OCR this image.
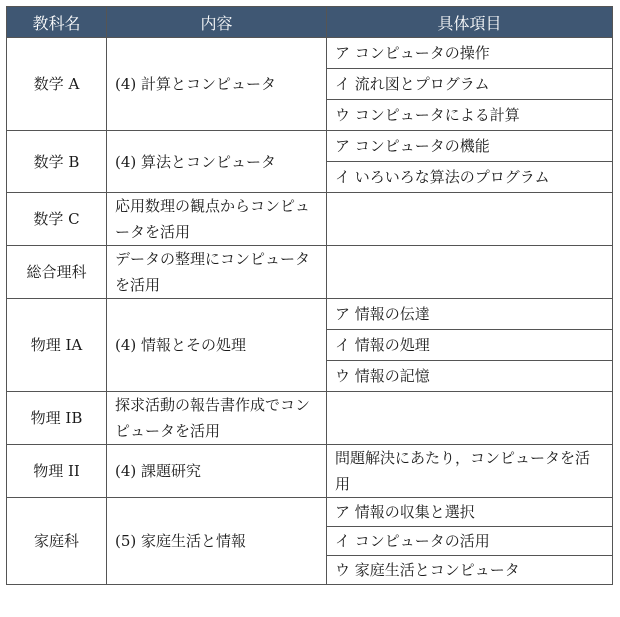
教科名	内容	具体項目
数学 A	(4) 計算とコンピュータ	ア コンピュータの操作
		イ 流れ図とプログラム
		ウ コンピュータによる計算
数学 B	(4) 算法とコンピュータ	ア コンピュータの機能
		イ いろいろな算法のプログラム
数学 C	応用数理の観点からコンピュータを活用	

総合理科	データの整理にコンピュータを活用	

物理 IA	(4) 情報とその処理	ア 情報の伝達
		イ 情報の処理
		ウ 情報の記憶
物理 IB	探求活動の報告書作成でコンピュータを活用	

物理 II	(4) 課題研究	問題解決にあたり，コンピュータを活用

家庭科	(5) 家庭生活と情報	ア 情報の収集と選択
		イ コンピュータの活用
		ウ 家庭生活とコンピュータ
